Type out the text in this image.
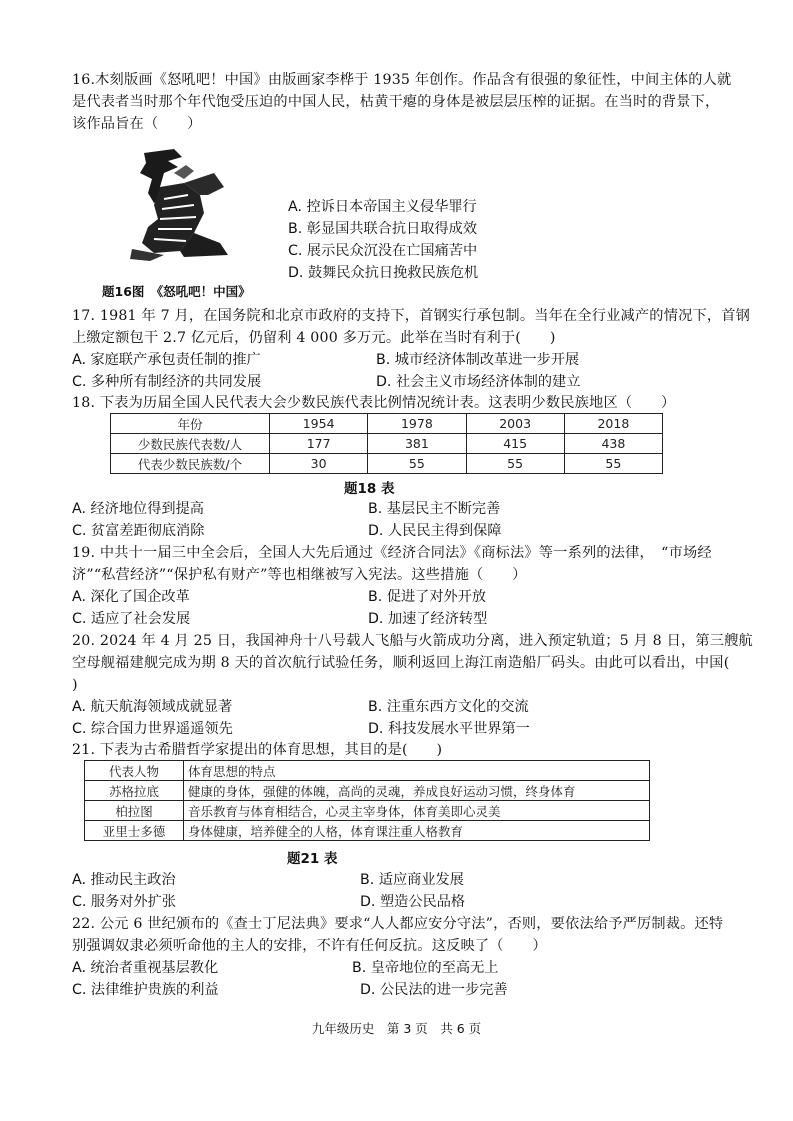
16.木刻版画《怒吼吧！中国》由版画家李桦于 1935 年创作。作品含有很强的象征性，中间主体的人就
是代表者当时那个年代饱受压迫的中国人民，枯黄干瘪的身体是被层层压榨的证据。在当时的背景下，
该作品旨在（　　）
A. 控诉日本帝国主义侵华罪行
B. 彰显国共联合抗日取得成效
C. 展示民众沉没在亡国痛苦中
D. 鼓舞民众抗日挽救民族危机
题16图　《怒吼吧！中国》
17. 1981 年 7 月，在国务院和北京市政府的支持下，首钢实行承包制。当年在全行业减产的情况下，首钢
上缴定额包干 2.7 亿元后，仍留利 4 000 多万元。此举在当时有利于(　　)
A. 家庭联产承包责任制的推广	B. 城市经济体制改革进一步开展
C. 多种所有制经济的共同发展	D. 社会主义市场经济体制的建立
18. 下表为历届全国人民代表大会少数民族代表比例情况统计表。这表明少数民族地区（　　）
年份	1954	1978	2003	2018
少数民族代表数/人	177	381	415	438
代表少数民族数/个	30	55	55	55
题18 表
A. 经济地位得到提高	B. 基层民主不断完善
C. 贫富差距彻底消除	D. 人民民主得到保障
19. 中共十一届三中全会后，全国人大先后通过《经济合同法》《商标法》等一系列的法律，　“市场经
济”“私营经济”“保护私有财产”等也相继被写入宪法。这些措施（　　）
A. 深化了国企改革	B. 促进了对外开放
C. 适应了社会发展	D. 加速了经济转型
20. 2024 年 4 月 25 日，我国神舟十八号载人飞船与火箭成功分离，进入预定轨道；5 月 8 日，第三艘航
空母舰福建舰完成为期 8 天的首次航行试验任务，顺利返回上海江南造船厂码头。由此可以看出，中国(
)
A. 航天航海领域成就显著	B. 注重东西方文化的交流
C. 综合国力世界遥遥领先	D. 科技发展水平世界第一
21. 下表为古希腊哲学家提出的体育思想，其目的是(　　)
代表人物	体育思想的特点
苏格拉底	健康的身体，强健的体魄，高尚的灵魂，养成良好运动习惯，终身体育
柏拉图	音乐教育与体育相结合，心灵主宰身体，体育美即心灵美
亚里士多德	身体健康，培养健全的人格，体育课注重人格教育
题21 表
A. 推动民主政治	B. 适应商业发展
C. 服务对外扩张	D. 塑造公民品格
22. 公元 6 世纪颁布的《查士丁尼法典》要求“人人都应安分守法”，否则，要依法给予严厉制裁。还特
别强调奴隶必须听命他的主人的安排，不许有任何反抗。这反映了（　　）
A. 统治者重视基层教化	B. 皇帝地位的至高无上
C. 法律维护贵族的利益	D. 公民法的进一步完善
九年级历史　第 3 页　共 6 页
